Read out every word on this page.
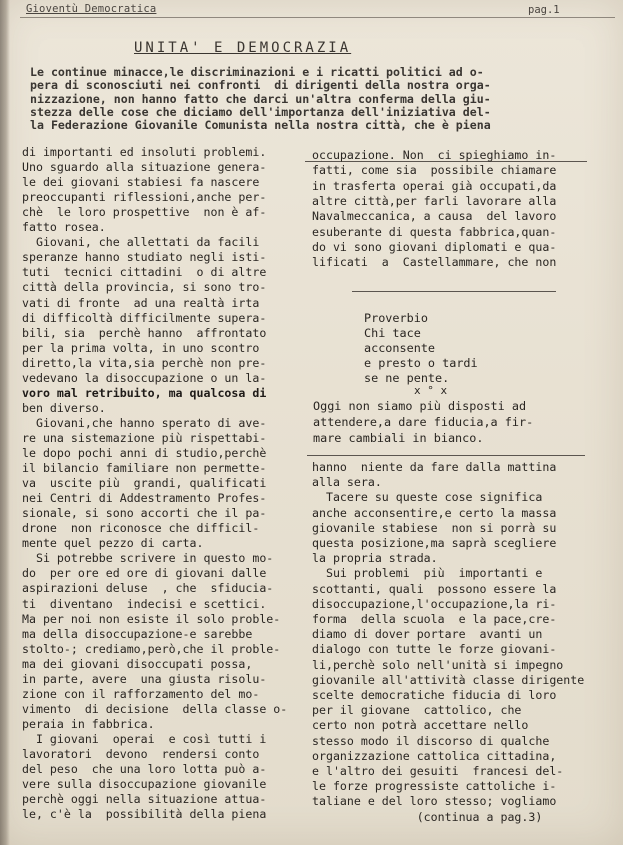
Gioventù Democratica	pag.1
UNITA' E DEMOCRAZIA
Le continue minacce,le discriminazioni e i ricatti politici ad o-
pera di sconosciuti nei confronti  di dirigenti della nostra orga-
nizzazione, non hanno fatto che darci un'altra conferma della giu-
stezza delle cose che diciamo dell'importanza dell'iniziativa del-
la Federazione Giovanile Comunista nella nostra città, che è piena
di importanti ed insoluti problemi.
Uno sguardo alla situazione genera-
le dei giovani stabiesi fa nascere
preoccupanti riflessioni,anche per-
chè  le loro prospettive  non è af-
fatto rosea.
Giovani, che allettati da facili
speranze hanno studiato negli isti-
tuti  tecnici cittadini  o di altre
città della provincia, si sono tro-
vati di fronte  ad una realtà irta
di difficoltà difficilmente supera-
bili, sia  perchè hanno  affrontato
per la prima volta, in uno scontro
diretto,la vita,sia perchè non pre-
vedevano la disoccupazione o un la-
voro mal retribuito, ma qualcosa di
ben diverso.
Giovani,che hanno sperato di ave-
re una sistemazione più rispettabi-
le dopo pochi anni di studio,perchè
il bilancio familiare non permette-
va  uscite più  grandi, qualificati
nei Centri di Addestramento Profes-
sionale, si sono accorti che il pa-
drone  non riconosce che difficil-
mente quel pezzo di carta.
Si potrebbe scrivere in questo mo-
do  per ore ed ore di giovani dalle
aspirazioni deluse  , che  sfiducia-
ti  diventano  indecisi e scettici.
Ma per noi non esiste il solo proble-
ma della disoccupazione-e sarebbe
stolto-; crediamo,però,che il proble-
ma dei giovani disoccupati possa,
in parte, avere  una giusta risolu-
zione con il rafforzamento del mo-
vimento  di decisione  della classe o-
peraia in fabbrica.
I giovani  operai  e così tutti i
lavoratori  devono  rendersi conto
del peso  che una loro lotta può a-
vere sulla disoccupazione giovanile
perchè oggi nella situazione attua-
le, c'è la  possibilità della piena
occupazione. Non  ci spieghiamo in-
fatti, come sia  possibile chiamare
in trasferta operai già occupati,da
altre città,per farli lavorare alla
Navalmeccanica, a causa  del lavoro
esuberante di questa fabbrica,quan-
do vi sono giovani diplomati e qua-
lificati  a  Castellammare, che non
Proverbio
Chi tace
acconsente
e presto o tardi
se ne pente.
x ° x
Oggi non siamo più disposti ad
attendere,a dare fiducia,a fir-
mare cambiali in bianco.
hanno  niente da fare dalla mattina
alla sera.
Tacere su queste cose significa
anche acconsentire,e certo la massa
giovanile stabiese  non si porrà su
questa posizione,ma saprà scegliere
la propria strada.
Sui problemi  più  importanti e
scottanti, quali  possono essere la
disoccupazione,l'occupazione,la ri-
forma  della scuola  e la pace,cre-
diamo di dover portare  avanti un
dialogo con tutte le forze giovani-
li,perchè solo nell'unità si impegno
giovanile all'attività classe dirigente
scelte democratiche fiducia di loro
per il giovane  cattolico, che
certo non potrà accettare nello
stesso modo il discorso di qualche
organizzazione cattolica cittadina,
e l'altro dei gesuiti  francesi del-
le forze progressiste cattoliche i-
taliane e del loro stesso; vogliamo
(continua a pag.3)
